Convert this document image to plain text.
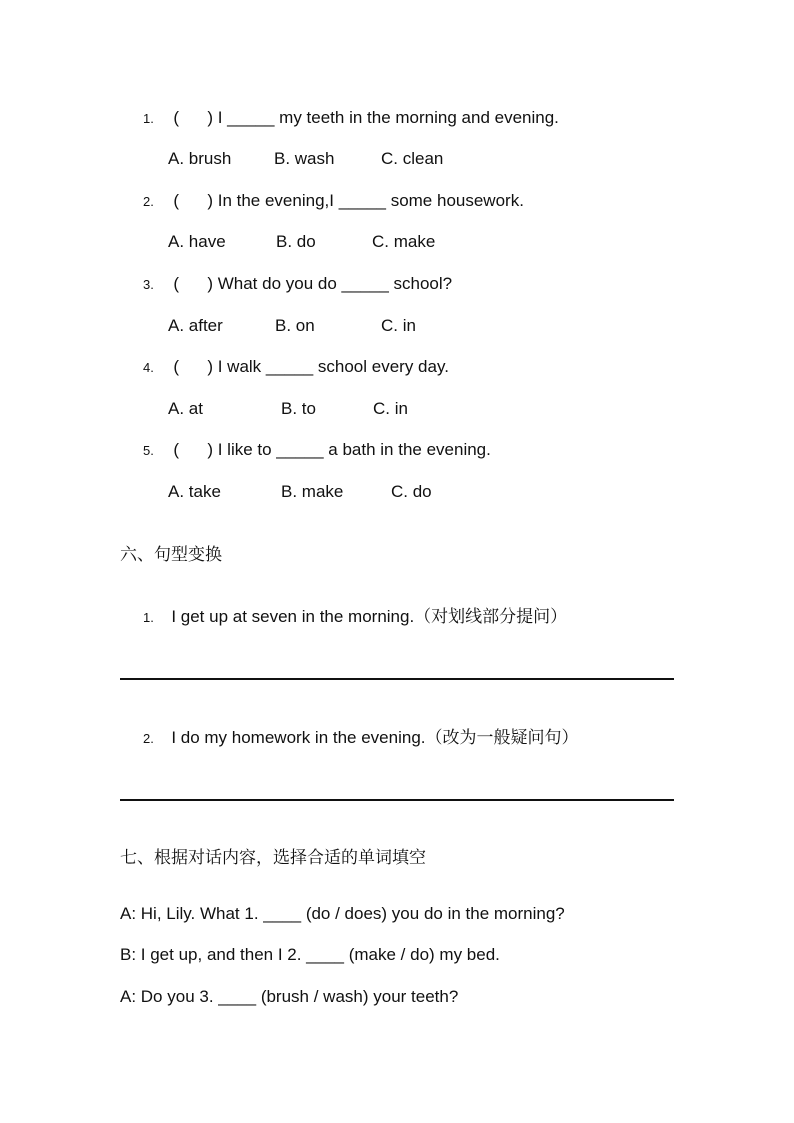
1. (      ) I _____ my teeth in the morning and evening.
A. brush	B. wash	C. clean
2. (      ) In the evening,I _____ some housework.
A. have	B. do	C. make
3. (      ) What do you do _____ school?
A. after	B. on	C. in
4. (      ) I walk _____ school every day.
A. at	B. to	C. in
5. (      ) I like to _____ a bath in the evening.
A. take	B. make	C. do
六、句型变换
1. I get up at seven in the morning.（对划线部分提问）
2. I do my homework in the evening.（改为一般疑问句）
七、根据对话内容，选择合适的单词填空
A: Hi, Lily. What 1. ____ (do / does) you do in the morning?
B: I get up, and then I 2. ____ (make / do) my bed.
A: Do you 3. ____ (brush / wash) your teeth?
